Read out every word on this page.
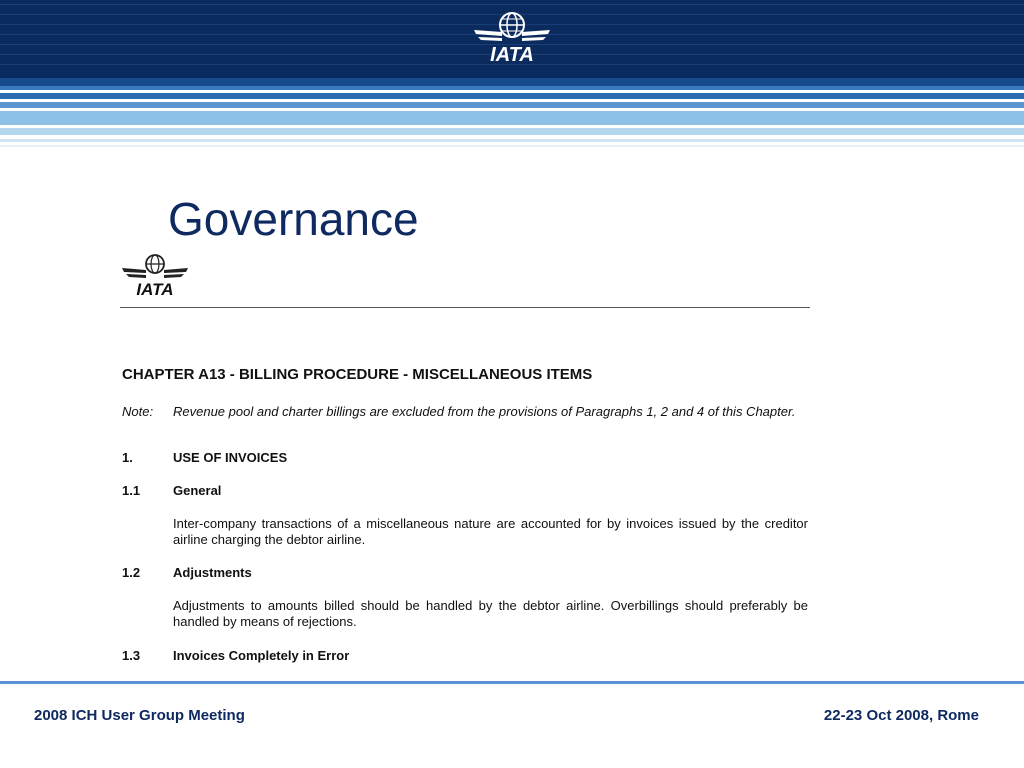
IATA
Governance
IATA
CHAPTER A13 - BILLING PROCEDURE - MISCELLANEOUS ITEMS
Note: Revenue pool and charter billings are excluded from the provisions of Paragraphs 1, 2 and 4 of this Chapter.
1.	USE OF INVOICES
1.1	General
Inter-company transactions of a miscellaneous nature are accounted for by invoices issued by the creditor airline charging the debtor airline.
1.2	Adjustments
Adjustments to amounts billed should be handled by the debtor airline. Overbillings should preferably be handled by means of rejections.
1.3	Invoices Completely in Error
2008 ICH User Group Meeting	22-23 Oct 2008, Rome
